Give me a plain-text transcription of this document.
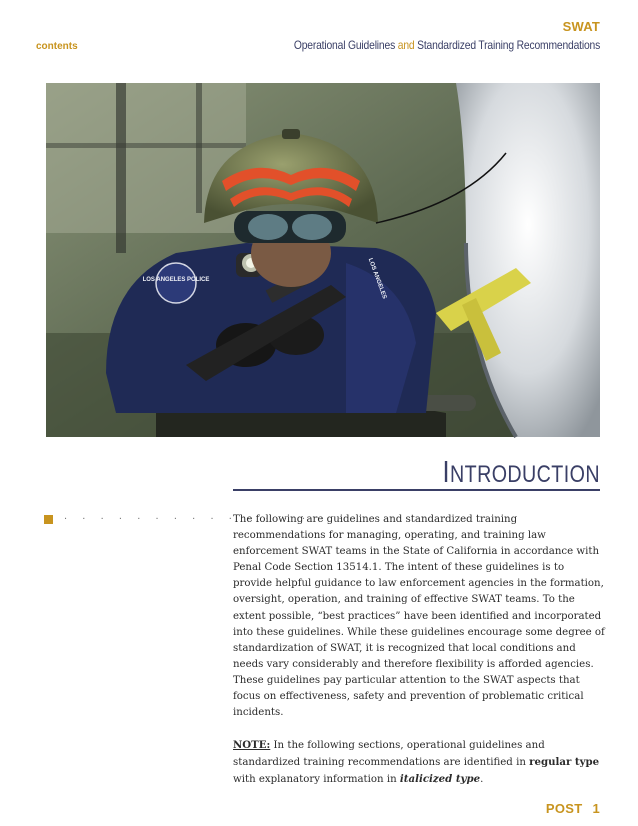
contents
SWAT
Operational Guidelines and Standardized Training Recommendations
LOS ANGELES POLICE	LOS ANGELES
INTRODUCTION
. . . . . . . . . . . . . . . .

The following are guidelines and standardized training recommendations for managing, operating, and training law enforcement SWAT teams in the State of California in accordance with Penal Code Section 13514.1. The intent of these guidelines is to provide helpful guidance to law enforcement agencies in the formation, oversight, operation, and training of effective SWAT teams. To the extent possible, “best practices” have been identified and incorporated into these guidelines. While these guidelines encourage some degree of standardization of SWAT, it is recognized that local conditions and needs vary considerably and therefore flexibility is afforded agencies. These guidelines pay particular attention to the SWAT aspects that focus on effectiveness, safety and prevention of problematic critical incidents.

NOTE: In the following sections, operational guidelines and standardized training recommendations are identified in regular type with explanatory information in italicized type.

POST 1
